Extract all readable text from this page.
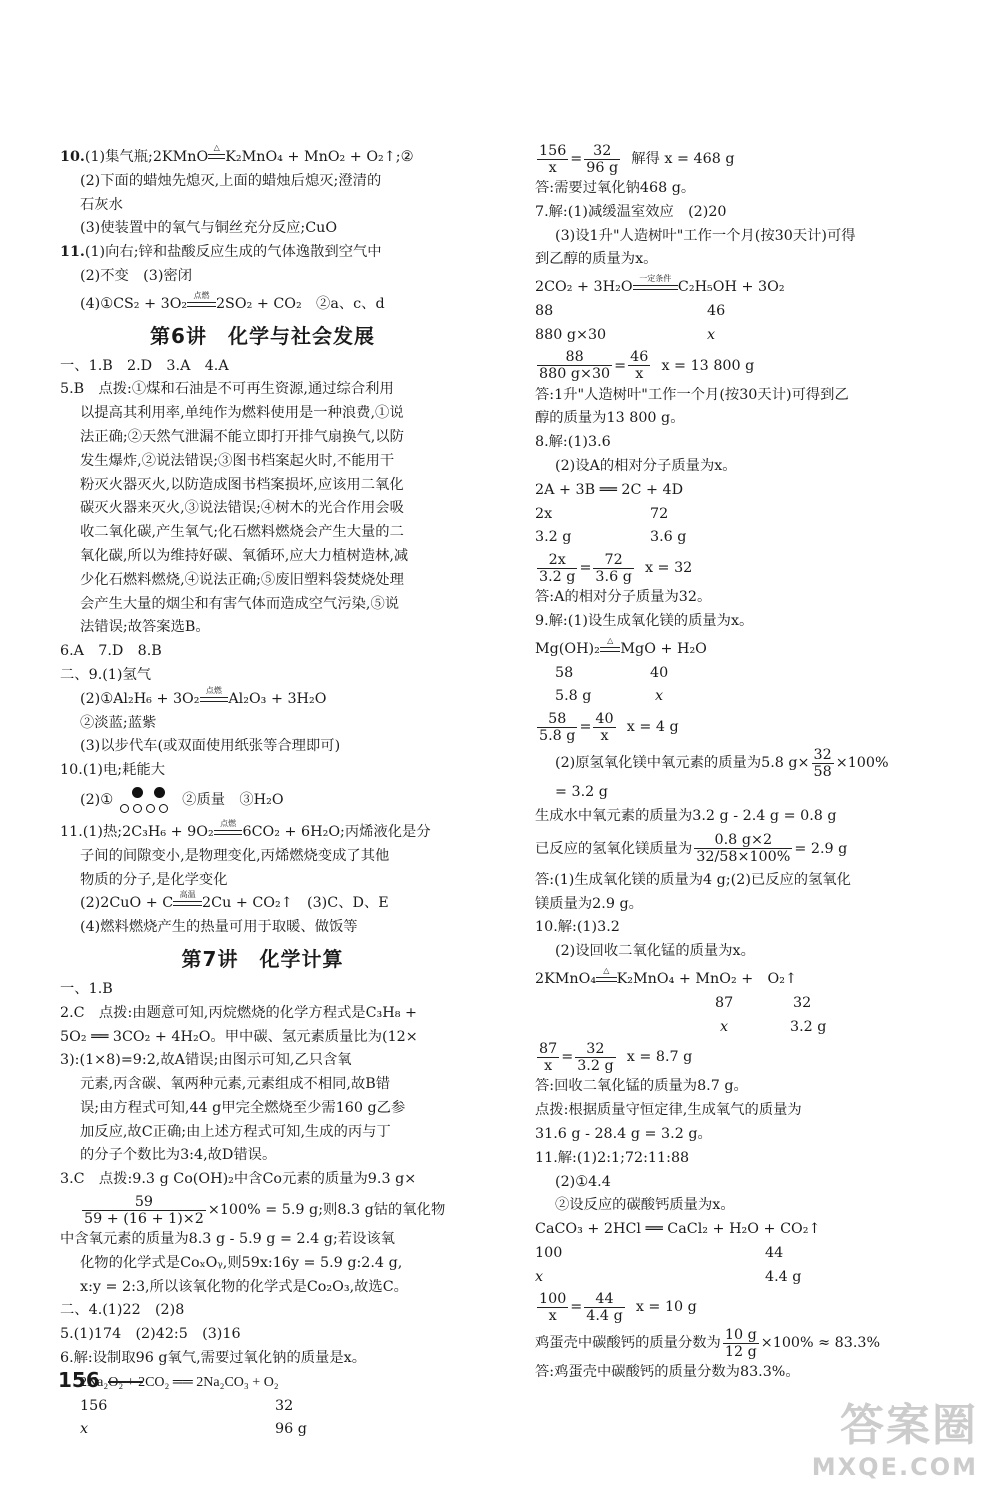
10.(1)集气瓶;2KMnO △ K₂MnO₄ + MnO₂ + O₂↑;②
(2)下面的蜡烛先熄灭,上面的蜡烛后熄灭;澄清的
石灰水
(3)使装置中的氧气与铜丝充分反应;CuO
11.(1)向右;锌和盐酸反应生成的气体逸散到空气中
(2)不变　(3)密闭
(4)①CS₂ + 3O₂ 点燃 2SO₂ + CO₂　②a、c、d
第6讲　化学与社会发展
一、1.B　2.D　3.A　4.A
5.B　点拨:①煤和石油是不可再生资源,通过综合利用
以提高其利用率,单纯作为燃料使用是一种浪费,①说
法正确;②天然气泄漏不能立即打开排气扇换气,以防
发生爆炸,②说法错误;③图书档案起火时,不能用干
粉灭火器灭火,以防造成图书档案损坏,应该用二氧化
碳灭火器来灭火,③说法错误;④树木的光合作用会吸
收二氧化碳,产生氧气;化石燃料燃烧会产生大量的二
氧化碳,所以为维持好碳、氧循环,应大力植树造林,减
少化石燃料燃烧,④说法正确;⑤废旧塑料袋焚烧处理
会产生大量的烟尘和有害气体而造成空气污染,⑤说
法错误;故答案选B。
6.A　7.D　8.B
二、9.(1)氢气
(2)①Al₂H₆ + 3O₂ 点燃 Al₂O₃ + 3H₂O
②淡蓝;蓝紫
(3)以步代车(或双面使用纸张等合理即可)
10.(1)电;耗能大
(2)①	②质量　③H₂O
11.(1)热;2C₃H₆ + 9O₂ 点燃 6CO₂ + 6H₂O;丙烯液化是分
子间的间隙变小,是物理变化,丙烯燃烧变成了其他
物质的分子,是化学变化
(2)2CuO + C 高温 2Cu + CO₂↑　(3)C、D、E
(4)燃料燃烧产生的热量可用于取暖、做饭等
第7讲　化学计算
一、1.B
2.C　点拨:由题意可知,丙烷燃烧的化学方程式是C₃H₈ +
5O₂ ══ 3CO₂ + 4H₂O。甲中碳、氢元素质量比为(12×
3):(1×8)=9:2,故A错误;由图示可知,乙只含氧
元素,丙含碳、氧两种元素,元素组成不相同,故B错
误;由方程式可知,44 g甲完全燃烧至少需160 g乙参
加反应,故C正确;由上述方程式可知,生成的丙与丁
的分子个数比为3:4,故D错误。
3.C　点拨:9.3 g Co(OH)₂中含Co元素的质量为9.3 g×
$\frac{59}{59 + (16 + 1)\times 2} \times 100\% = 5.9$ g;则8.3 g钴的氧化物
中含氧元素的质量为8.3 g - 5.9 g = 2.4 g;若设该氧
化物的化学式是CoₓOᵧ,则59x:16y = 5.9 g:2.4 g,
x:y = 2:3,所以该氧化物的化学式是Co₂O₃,故选C。
二、4.(1)22　(2)8
5.(1)174　(2)42:5　(3)16
6.解:设制取96 g氧气,需要过氧化钠的质量是x。
2Na₂O₂ + 2CO₂ ══ 2Na₂CO₃ + O₂
156	32
x	96 g
$\frac{156}{x} = \frac{32}{96 g}$ 解得 x = 468 g
答:需要过氧化钠468 g。
7.解:(1)减缓温室效应　(2)20
(3)设1升"人造树叶"工作一个月(按30天计)可得
到乙醇的质量为x。
2CO₂ + 3H₂O 一定条件	C₂H₅OH + 3O₂
88	46
880 g×30	x
$\frac{88}{880 g\times 30} = \frac{46}{x}$ x = 13 800 g
答:1升"人造树叶"工作一个月(按30天计)可得到乙
醇的质量为13 800 g。
8.解:(1)3.6
(2)设A的相对分子质量为x。
2A + 3B ══ 2C + 4D
2x	72
3.2 g	3.6 g
$\frac{2x}{3.2 g} = \frac{72}{3.6 g}$ x = 32
答:A的相对分子质量为32。
9.解:(1)设生成氧化镁的质量为x。
Mg(OH)₂ △ MgO + H₂O
58	40
5.8 g	x
$\frac{58}{5.8 g} = \frac{40}{x}$ x = 4 g
(2)原氢氧化镁中氧元素的质量为5.8 $g\times \frac{32}{58} \times 100\%$
= 3.2 g
生成水中氧元素的质量为3.2 g - 2.4 g = 0.8 g
已反应的氢氧化镁质量为 $\frac{0.8 g\times 2}{32/58\times 100\%} = 2.9$ g
答:(1)生成氧化镁的质量为4 g;(2)已反应的氢氧化
镁质量为2.9 g。
10.解:(1)3.2
(2)设回收二氧化锰的质量为x。
2KMnO₄ △ K₂MnO₄ + MnO₂ +　O₂↑
87	32
x	3.2 g
$\frac{87}{x} = \frac{32}{3.2 g}$ x = 8.7 g
答:回收二氧化锰的质量为8.7 g。
点拨:根据质量守恒定律,生成氧气的质量为
31.6 g - 28.4 g = 3.2 g。
11.解:(1)2:1;72:11:88
(2)①4.4
②设反应的碳酸钙质量为x。
CaCO₃ + 2HCl ══ CaCl₂ + H₂O + CO₂↑
100	44
x	4.4 g
$\frac{100}{x} = \frac{44}{4.4 g}$ x = 10 g
鸡蛋壳中碳酸钙的质量分数为 $\frac{10 g}{12 g} \times 100\% \approx 83.3\%$
答:鸡蛋壳中碳酸钙的质量分数为83.3%。
156
答案圈
MXQE.COM
